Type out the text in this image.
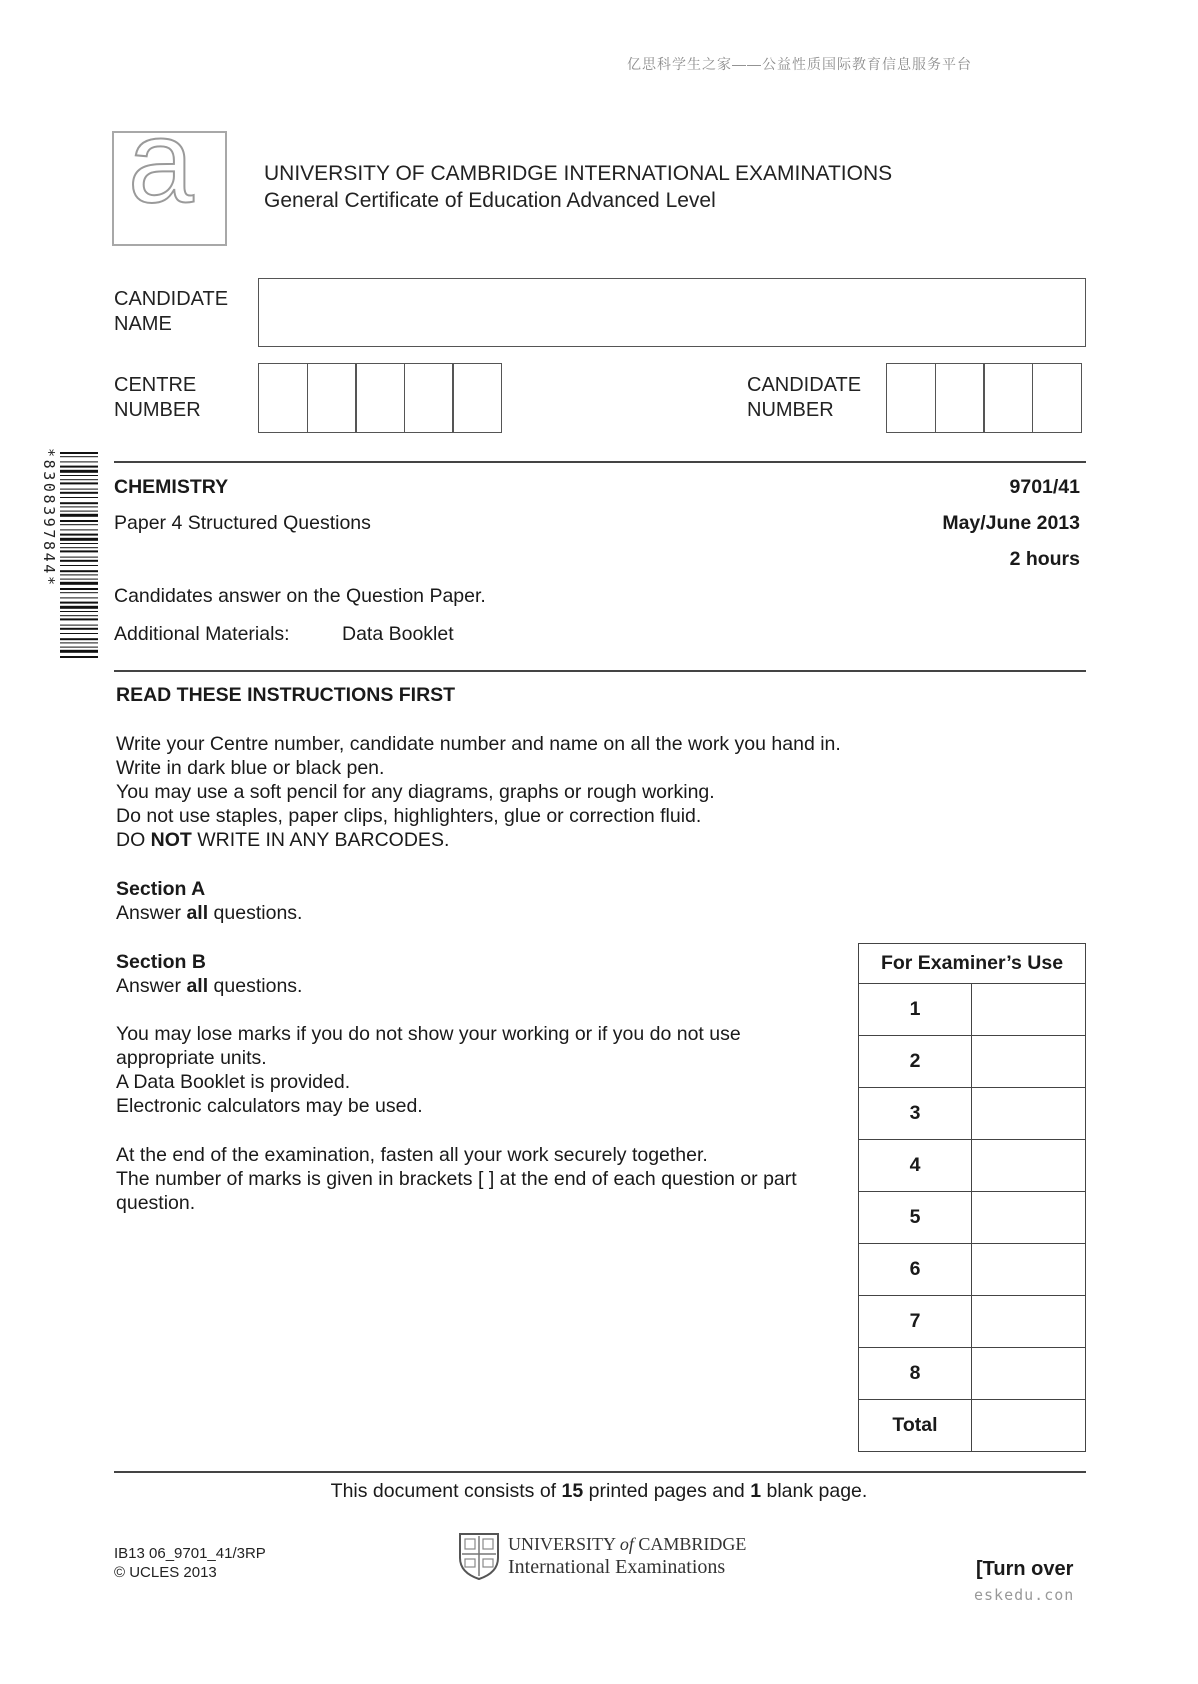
亿思科学生之家——公益性质国际教育信息服务平台
a	UNIVERSITY OF CAMBRIDGE INTERNATIONAL EXAMINATIONS
General Certificate of Education Advanced Level
CANDIDATE
NAME
CENTRE
NUMBER
CANDIDATE
NUMBER
*8308397844*	CHEMISTRY	9701/41
Paper 4 Structured Questions	May/June 2013
2 hours
Candidates answer on the Question Paper.
Additional Materials:	Data Booklet
READ THESE INSTRUCTIONS FIRST
Write your Centre number, candidate number and name on all the work you hand in.
Write in dark blue or black pen.
You may use a soft pencil for any diagrams, graphs or rough working.
Do not use staples, paper clips, highlighters, glue or correction fluid.
DO NOT WRITE IN ANY BARCODES.
Section A
Answer all questions.
Section B
Answer all questions.
You may lose marks if you do not show your working or if you do not use
appropriate units.
A Data Booklet is provided.
Electronic calculators may be used.
At the end of the examination, fasten all your work securely together.
The number of marks is given in brackets [ ] at the end of each question or part
question.
For Examiner’s Use	
1	
2	
3	
4	
5	
6	
7	
8	
Total	
This document consists of 15 printed pages and 1 blank page.
IB13 06_9701_41/3RP
© UCLES 2013
UNIVERSITY of CAMBRIDGE
International Examinations	[Turn over
eskedu.con
